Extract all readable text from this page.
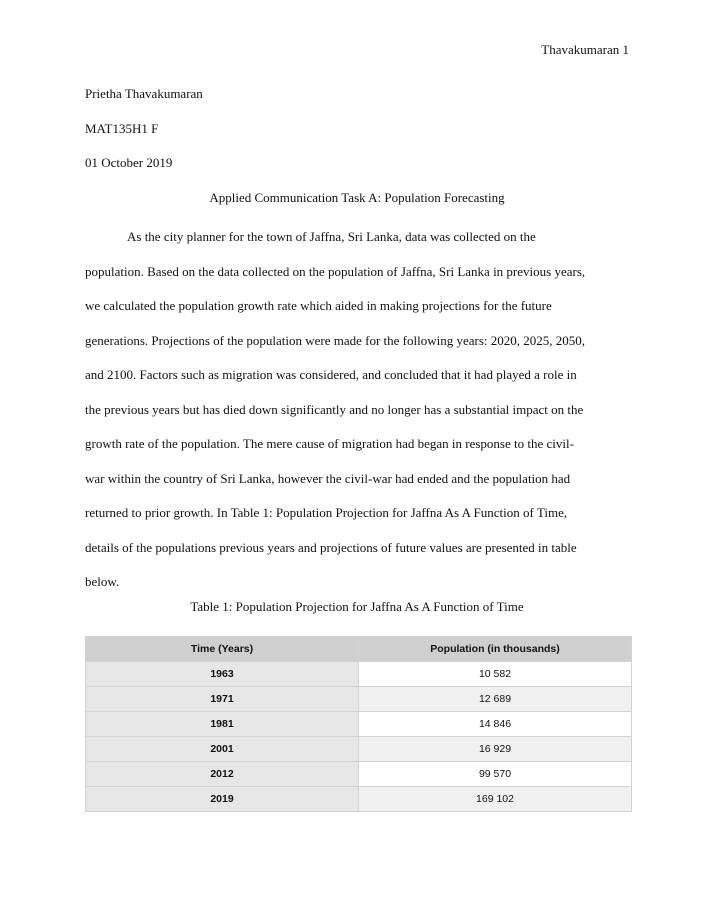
Thavakumaran 1
Prietha Thavakumaran
MAT135H1 F
01 October 2019
Applied Communication Task A: Population Forecasting

As the city planner for the town of Jaffna, Sri Lanka, data was collected on the
population. Based on the data collected on the population of Jaffna, Sri Lanka in previous years,
we calculated the population growth rate which aided in making projections for the future
generations. Projections of the population were made for the following years: 2020, 2025, 2050,
and 2100. Factors such as migration was considered, and concluded that it had played a role in
the previous years but has died down significantly and no longer has a substantial impact on the
growth rate of the population. The mere cause of migration had began in response to the civil-
war within the country of Sri Lanka, however the civil-war had ended and the population had
returned to prior growth. In Table 1: Population Projection for Jaffna As A Function of Time,
details of the populations previous years and projections of future values are presented in table
below.

Table 1: Population Projection for Jaffna As A Function of Time
Time (Years)	Population (in thousands)
1963	10 582
1971	12 689
1981	14 846
2001	16 929
2012	99 570
2019	169 102
